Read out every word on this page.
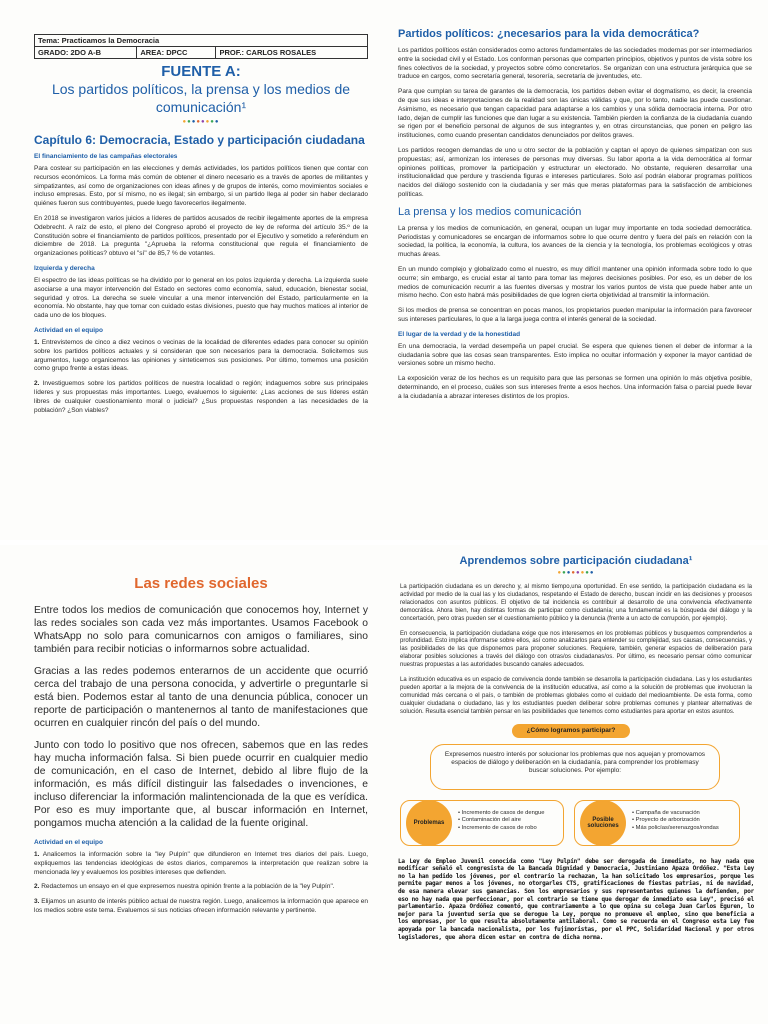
Tema: Practicamos la Democracia
GRADO: 2DO A-B	AREA: DPCC	PROF.: CARLOS ROSALES
FUENTE A:
Los partidos políticos, la prensa y los medios de
comunicación¹
●●●●●●●●
Capítulo 6: Democracia, Estado y participación ciudadana
El financiamiento de las campañas electorales

Para costear su participación en las elecciones y demás actividades, los partidos políticos tienen que contar con recursos económicos. La forma más común de obtener el dinero necesario es a través de aportes de militantes y simpatizantes, así como de organizaciones con ideas afines y de grupos de interés, como movimientos sociales e incluso empresas. Esto, por sí mismo, no es ilegal; sin embargo, si un partido llega al poder sin haber declarado quiénes fueron sus contribuyentes, puede luego favorecerlos ilegalmente.

En 2018 se investigaron varios juicios a líderes de partidos acusados de recibir ilegalmente aportes de la empresa Odebrecht. A raíz de esto, el pleno del Congreso aprobó el proyecto de ley de reforma del artículo 35.º de la Constitución sobre el financiamiento de partidos políticos, presentado por el Ejecutivo y sometido a referéndum en diciembre de 2018. La pregunta "¿Aprueba la reforma constitucional que regula el financiamiento de organizaciones políticas? obtuvo el "sí" de 85,7 % de votantes.

Izquierda y derecha

El espectro de las ideas políticas se ha dividido por lo general en los polos izquierda y derecha. La izquierda suele asociarse a una mayor intervención del Estado en sectores como economía, salud, educación, bienestar social, seguridad y otros. La derecha se suele vincular a una menor intervención del Estado, particularmente en la economía. No obstante, hay que tomar con cuidado estas divisiones, puesto que hay muchos matices al interior de cada uno de los bloques.

Actividad en el equipo

1. Entrevistemos de cinco a diez vecinos o vecinas de la localidad de diferentes edades para conocer su opinión sobre los partidos políticos actuales y si consideran que son necesarios para la democracia. Solicitemos sus argumentos, luego organicemos las opiniones y sinteticemos sus posiciones. Por último, tomemos una posición como grupo frente a estas ideas.

2. Investiguemos sobre los partidos políticos de nuestra localidad o región; indaguemos sobre sus principales líderes y sus propuestas más importantes. Luego, evaluemos lo siguiente: ¿Las acciones de sus líderes están libres de cualquier cuestionamiento moral o judicial? ¿Sus propuestas responden a las necesidades de la población? ¿Son viables?

Partidos políticos: ¿necesarios para la vida democrática?

Los partidos políticos están considerados como actores fundamentales de las sociedades modernas por ser intermediarios entre la sociedad civil y el Estado. Los conforman personas que comparten principios, objetivos y puntos de vista sobre los fines colectivos de la sociedad, y proyectos sobre cómo concretarlos. Se organizan con una estructura jerárquica que se traduce en cargos, como secretaría general, tesorería, secretaría de juventudes, etc.

Para que cumplan su tarea de garantes de la democracia, los partidos deben evitar el dogmatismo, es decir, la creencia de que sus ideas e interpretaciones de la realidad son las únicas válidas y que, por lo tanto, nadie las puede cuestionar. Asimismo, es necesario que tengan capacidad para adaptarse a los cambios y una sólida democracia interna. Por otro lado, dejan de cumplir las funciones que dan lugar a su existencia. También pierden la confianza de la ciudadanía cuando se rigen por el beneficio personal de algunos de sus integrantes y, en otras circunstancias, que ponen en peligro las instituciones, como cuando presentan candidatos denunciados por delitos graves.

Los partidos recogen demandas de uno u otro sector de la población y captan el apoyo de quienes simpatizan con sus propuestas; así, armonizan los intereses de personas muy diversas. Su labor aporta a la vida democrática al formar opiniones políticas, promover la participación y estructurar un electorado. No obstante, requieren desarrollar una institucionalidad que perdure y trascienda figuras e intereses particulares. Solo así podrán elaborar programas políticos nacidos del diálogo sostenido con la ciudadanía y ser más que meras plataformas para la satisfacción de ambiciones políticas.

La prensa y los medios comunicación

La prensa y los medios de comunicación, en general, ocupan un lugar muy importante en toda sociedad democrática. Periodistas y comunicadores se encargan de informarnos sobre lo que ocurre dentro y fuera del país en relación con la sociedad, la política, la economía, la cultura, los avances de la ciencia y la tecnología, los problemas ecológicos y otras muchas áreas.

En un mundo complejo y globalizado como el nuestro, es muy difícil mantener una opinión informada sobre todo lo que ocurre; sin embargo, es crucial estar al tanto para tomar las mejores decisiones posibles. Por eso, es un deber de los medios de comunicación recurrir a las fuentes diversas y mostrar los varios puntos de vista que puede haber ante un mismo hecho. Con esto habrá más posibilidades de que logren cierta objetividad al transmitir la información.

Si los medios de prensa se concentran en pocas manos, los propietarios pueden manipular la información para favorecer sus intereses particulares, lo que a la larga juega contra el interés general de la sociedad.

El lugar de la verdad y de la honestidad

En una democracia, la verdad desempeña un papel crucial. Se espera que quienes tienen el deber de informar a la ciudadanía sobre que las cosas sean transparentes. Esto implica no ocultar información y exponer la mayor cantidad de versiones sobre un mismo hecho.

La exposición veraz de los hechos es un requisito para que las personas se formen una opinión lo más objetiva posible, determinando, en el proceso, cuáles son sus intereses frente a esos hechos. Una información falsa o parcial puede llevar a la ciudadanía a abrazar intereses distintos de los propios.

Las redes sociales

Entre todos los medios de comunicación que conocemos hoy, Internet y las redes sociales son cada vez más importantes. Usamos Facebook o WhatsApp no solo para comunicarnos con amigos o familiares, sino también para recibir noticias o informarnos sobre actualidad.

Gracias a las redes podemos enterarnos de un accidente que ocurrió cerca del trabajo de una persona conocida, y advertirle o preguntarle si está bien. Podemos estar al tanto de una denuncia pública, conocer un reporte de participación o mantenernos al tanto de manifestaciones que ocurren en cualquier rincón del país o del mundo.

Junto con todo lo positivo que nos ofrecen, sabemos que en las redes hay mucha información falsa. Si bien puede ocurrir en cualquier medio de comunicación, en el caso de Internet, debido al libre flujo de la información, es más difícil distinguir las falsedades o invenciones, e incluso diferenciar la información malintencionada de la que es verídica. Por eso es muy importante que, al buscar información en Internet, pongamos mucha atención a la calidad de la fuente original.

Actividad en el equipo

1. Analicemos la información sobre la "ley Pulpín" que difundieron en Internet tres diarios del país. Luego, expliquemos las tendencias ideológicas de estos diarios, comparemos la interpretación que realizan sobre la mencionada ley y evaluemos los posibles intereses que defienden.

2. Redactemos un ensayo en el que expresemos nuestra opinión frente a la población de la "ley Pulpín".

3. Elijamos un asunto de interés público actual de nuestra región. Luego, analicemos la información que aparece en los medios sobre este tema. Evaluemos si sus noticias ofrecen información relevante y pertinente.

Aprendemos sobre participación ciudadana¹
●●●●●●●●

La participación ciudadana es un derecho y, al mismo tiempo,una oportunidad. En ese sentido, la participación ciudadana es la actividad por medio de la cual las y los ciudadanos, respetando el Estado de derecho, buscan incidir en las decisiones y procesos relacionados con asuntos públicos. El objetivo de tal incidencia es contribuir al desarrollo de una convivencia efectivamente democrática. Ahora bien, hay distintas formas de participar como ciudadanía; una fundamental es la búsqueda del diálogo y la concertación, pero otras pueden ser el cuestionamiento público y la denuncia (frente a un acto de corrupción, por ejemplo).

En consecuencia, la participación ciudadana exige que nos interesemos en los problemas públicos y busquemos comprenderlos a profundidad. Esto implica informarse sobre ellos, así como analizarlos para entender su complejidad, sus causas, consecuencias, y las posibilidades de las que disponemos para proponer soluciones. Requiere, también, generar espacios de deliberación para elaborar posibles soluciones a través del diálogo con otras/os ciudadanas/os. Por último, es necesario pensar cómo comunicar nuestras propuestas a las autoridades buscando canales adecuados.

La institución educativa es un espacio de convivencia donde también se desarrolla la participación ciudadana. Las y los estudiantes pueden aportar a la mejora de la convivencia de la institución educativa, así como a la solución de problemas que involucran la comunidad más cercana o el país, o también de problemas globales como el cuidado del medioambiente. De esta forma, como cualquier ciudadana o ciudadano, las y los estudiantes pueden deliberar sobre problemas comunes y plantear alternativas de solución. Resulta esencial también pensar en las posibilidades que tenemos como estudiantes para aportar en estos asuntos.

¿Cómo logramos participar?
Expresemos nuestro interés por solucionar los problemas que nos aquejan y promovamos espacios de diálogo y deliberación en la ciudadanía, para comprender los problemasy buscar soluciones. Por ejemplo:
Problemas
• Incremento de casos de dengue
• Contaminación del aire
• Incremento de casos de robo
Posible soluciones
• Campaña de vacunación
• Proyecto de arborización
• Más policías/serenazgos/rondas

La Ley de Empleo Juvenil conocida como "Ley Pulpín" debe ser derogada de inmediato, no hay nada que modificar señaló el congresista de la Bancada Dignidad y Democracia, Justiniano Apaza Ordóñez. "Esta Ley no la han pedido los jóvenes, por el contrario la rechazan, la han solicitado los empresarios, porque les permite pagar menos a los jóvenes, no otorgarles CTS, gratificaciones de fiestas patrias, ni de navidad, de esa manera elevar sus ganancias. Son los empresarios y sus representantes quienes la defienden, por eso no hay nada que perfeccionar, por el contrario se tiene que derogar de inmediato esa Ley", precisó el parlamentario. Apaza Ordóñez comentó, que contrariamente a lo que opina su colega Juan Carlos Eguren, lo mejor para la juventud sería que se derogue la Ley, porque no promueve el empleo, sino que beneficia a los empresas, por lo que resulta absolutamente antilaboral. Como se recuerda en el Congreso esta Ley fue apoyada por la bancada nacionalista, por los fujimoristas, por el PPC, Solidaridad Nacional y por otros legisladores, que ahora dicen estar en contra de dicha norma.
